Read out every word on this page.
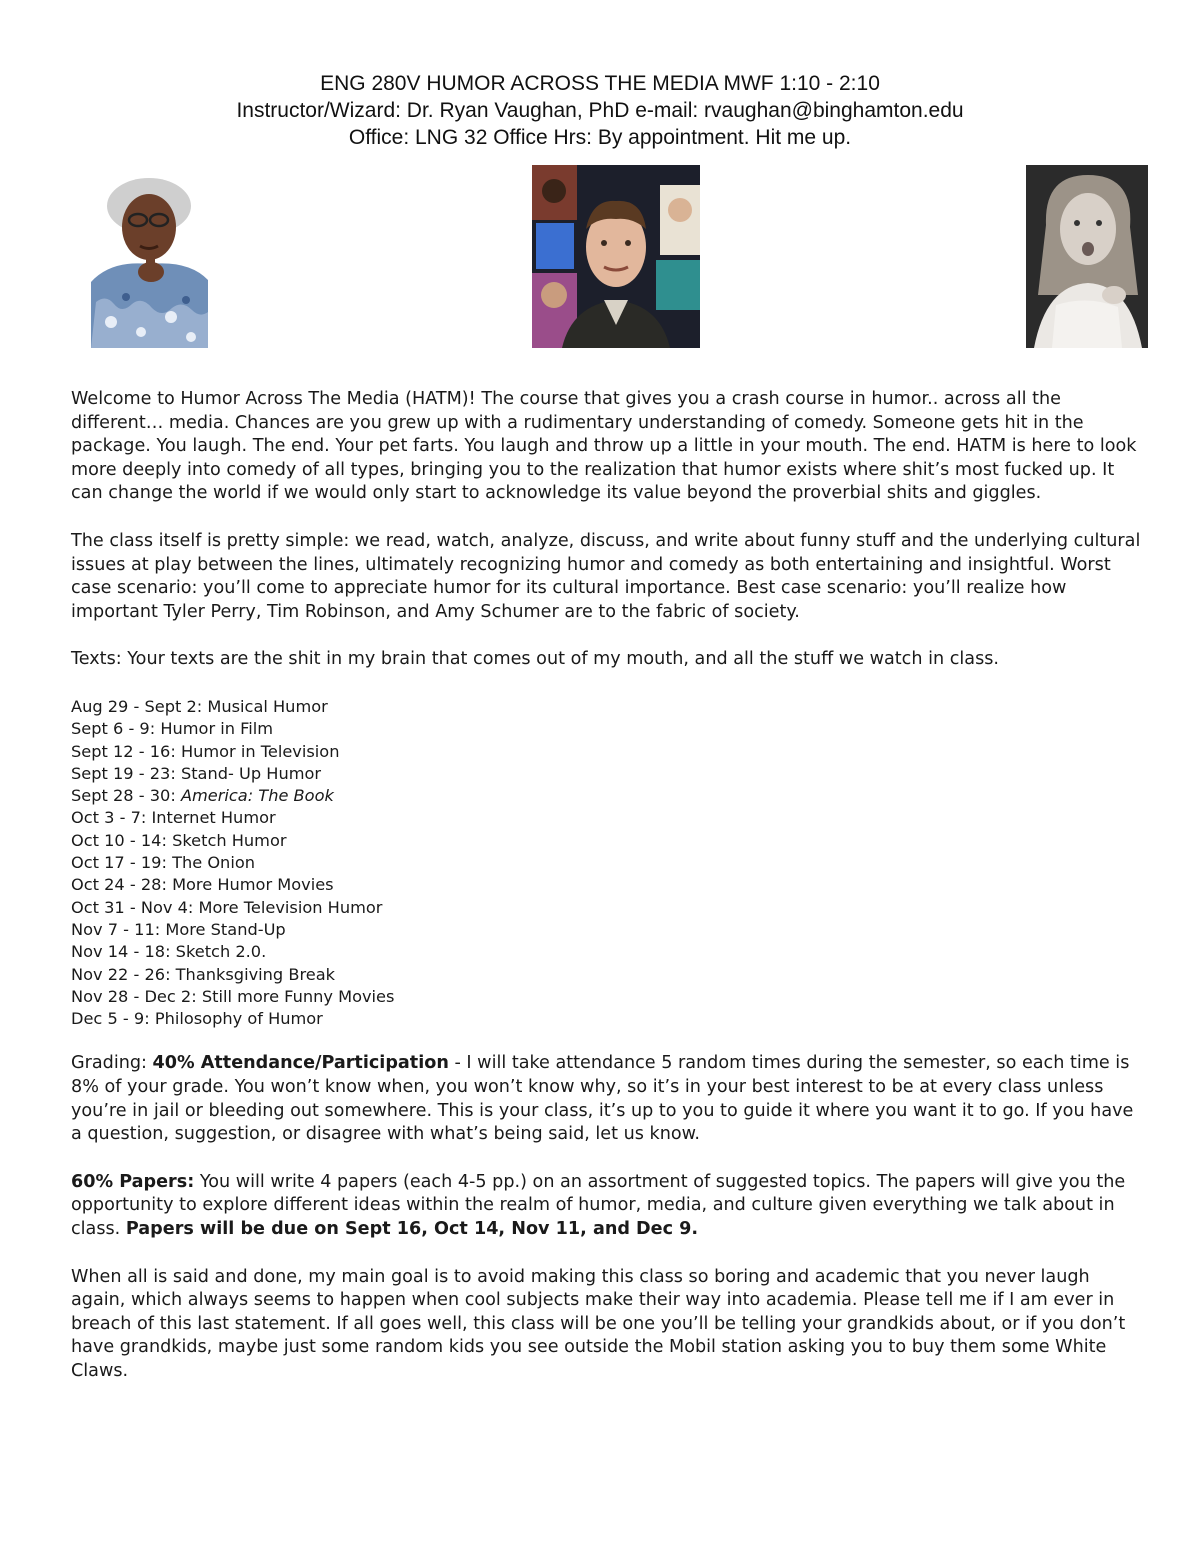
ENG 280V HUMOR ACROSS THE MEDIA MWF 1:10 - 2:10
Instructor/Wizard: Dr. Ryan Vaughan, PhD e-mail: rvaughan@binghamton.edu
Office: LNG 32 Office Hrs: By appointment. Hit me up.

Welcome to Humor Across The Media (HATM)! The course that gives you a crash course in humor.. across all the different… media. Chances are you grew up with a rudimentary understanding of comedy. Someone gets hit in the package. You laugh. The end. Your pet farts. You laugh and throw up a little in your mouth. The end. HATM is here to look more deeply into comedy of all types, bringing you to the realization that humor exists where shit’s most fucked up. It can change the world if we would only start to acknowledge its value beyond the proverbial shits and giggles.

The class itself is pretty simple: we read, watch, analyze, discuss, and write about funny stuff and the underlying cultural issues at play between the lines, ultimately recognizing humor and comedy as both entertaining and insightful. Worst case scenario: you’ll come to appreciate humor for its cultural importance. Best case scenario: you’ll realize how important Tyler Perry, Tim Robinson, and Amy Schumer are to the fabric of society.

Texts: Your texts are the shit in my brain that comes out of my mouth, and all the stuff we watch in class.

Aug 29 - Sept 2: Musical Humor
Sept 6 - 9: Humor in Film
Sept 12 - 16: Humor in Television
Sept 19 - 23: Stand- Up Humor
Sept 28 - 30: America: The Book
Oct 3 - 7: Internet Humor
Oct 10 - 14: Sketch Humor
Oct 17 - 19: The Onion
Oct 24 - 28: More Humor Movies
Oct 31 - Nov 4: More Television Humor
Nov 7 - 11: More Stand-Up
Nov 14 - 18: Sketch 2.0.
Nov 22 - 26: Thanksgiving Break
Nov 28 - Dec 2: Still more Funny Movies
Dec 5 - 9: Philosophy of Humor

Grading: 40% Attendance/Participation - I will take attendance 5 random times during the semester, so each time is 8% of your grade. You won’t know when, you won’t know why, so it’s in your best interest to be at every class unless you’re in jail or bleeding out somewhere. This is your class, it’s up to you to guide it where you want it to go. If you have a question, suggestion, or disagree with what’s being said, let us know.

60% Papers: You will write 4 papers (each 4-5 pp.) on an assortment of suggested topics. The papers will give you the opportunity to explore different ideas within the realm of humor, media, and culture given everything we talk about in class. Papers will be due on Sept 16, Oct 14, Nov 11, and Dec 9.

When all is said and done, my main goal is to avoid making this class so boring and academic that you never laugh again, which always seems to happen when cool subjects make their way into academia. Please tell me if I am ever in breach of this last statement. If all goes well, this class will be one you’ll be telling your grandkids about, or if you don’t have grandkids, maybe just some random kids you see outside the Mobil station asking you to buy them some White Claws.
